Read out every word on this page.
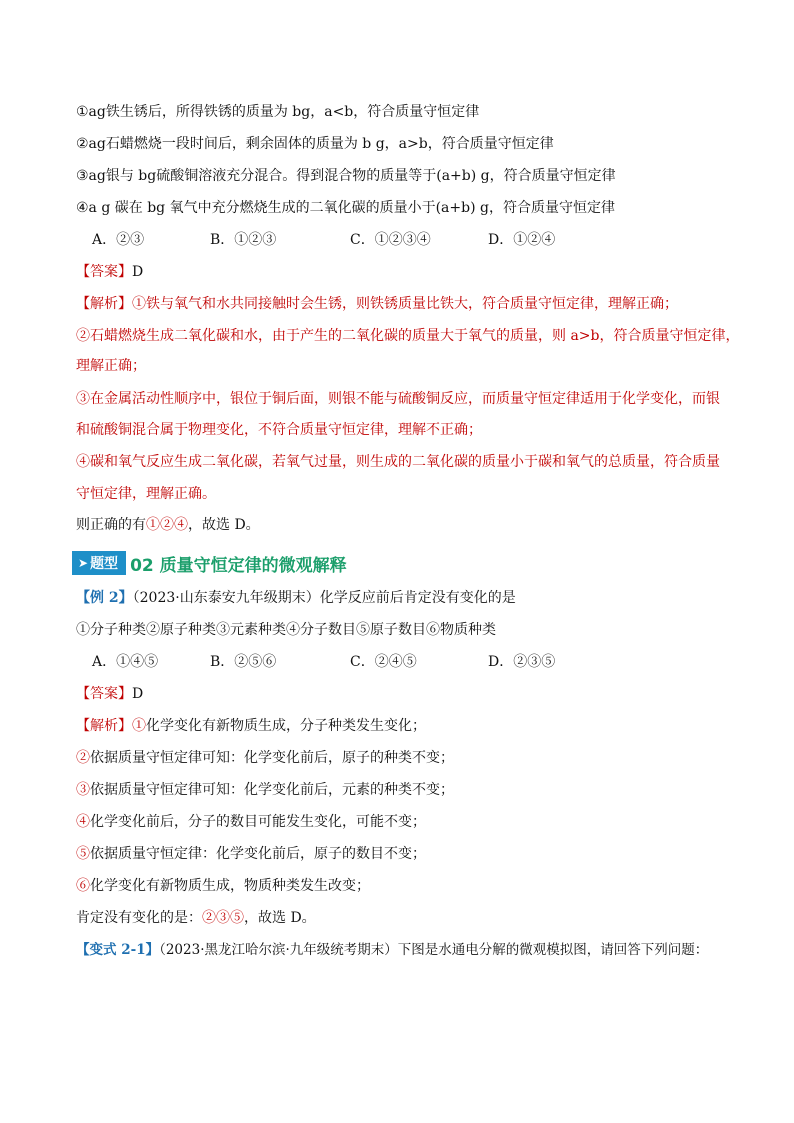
①ag铁生锈后，所得铁锈的质量为 bg，a<b，符合质量守恒定律
②ag石蜡燃烧一段时间后，剩余固体的质量为 b g，a>b，符合质量守恒定律
③ag银与 bg硫酸铜溶液充分混合。得到混合物的质量等于(a+b) g，符合质量守恒定律
④a g 碳在 bg 氧气中充分燃烧生成的二氧化碳的质量小于(a+b) g，符合质量守恒定律
A．②③	B．①②③	C．①②③④	D．①②④
【答案】D
【解析】①铁与氧气和水共同接触时会生锈，则铁锈质量比铁大，符合质量守恒定律，理解正确；
②石蜡燃烧生成二氧化碳和水，由于产生的二氧化碳的质量大于氧气的质量，则 a>b，符合质量守恒定律，
理解正确；
③在金属活动性顺序中，银位于铜后面，则银不能与硫酸铜反应，而质量守恒定律适用于化学变化，而银
和硫酸铜混合属于物理变化，不符合质量守恒定律，理解不正确；
④碳和氧气反应生成二氧化碳，若氧气过量，则生成的二氧化碳的质量小于碳和氧气的总质量，符合质量
守恒定律，理解正确。
则正确的有①②④，故选 D。
➤ 题型 02 质量守恒定律的微观解释
【例 2】（2023·山东泰安九年级期末）化学反应前后肯定没有变化的是
①分子种类②原子种类③元素种类④分子数目⑤原子数目⑥物质种类
A．①④⑤	B．②⑤⑥	C．②④⑤	D．②③⑤
【答案】D
【解析】①化学变化有新物质生成，分子种类发生变化；
②依据质量守恒定律可知：化学变化前后，原子的种类不变；
③依据质量守恒定律可知：化学变化前后，元素的种类不变；
④化学变化前后，分子的数目可能发生变化，可能不变；
⑤依据质量守恒定律：化学变化前后，原子的数目不变；
⑥化学变化有新物质生成，物质种类发生改变；
肯定没有变化的是：②③⑤，故选 D。
【变式 2-1】（2023·黑龙江哈尔滨·九年级统考期末）下图是水通电分解的微观模拟图，请回答下列问题：
